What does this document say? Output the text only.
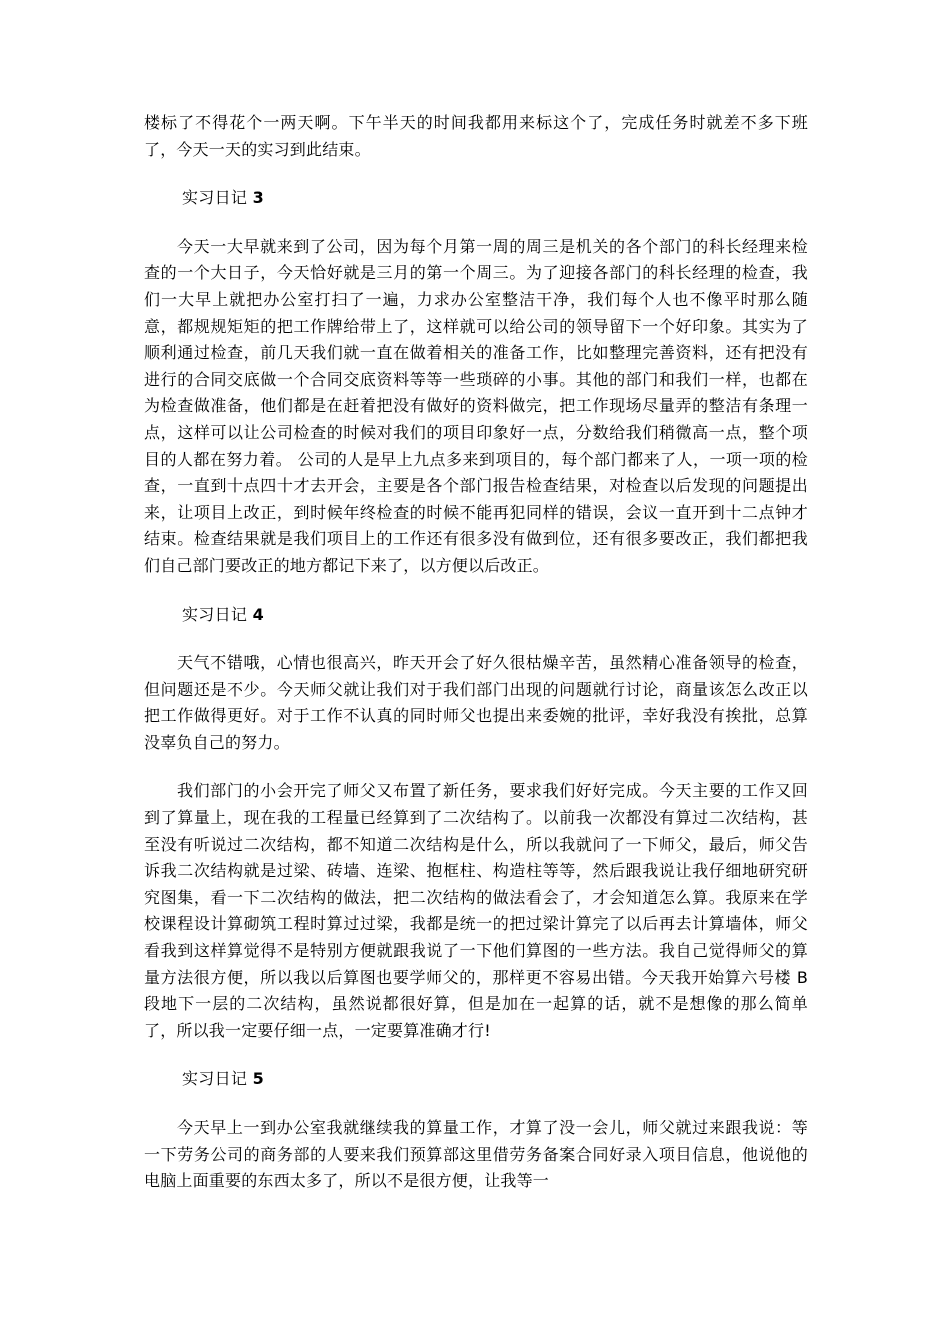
楼标了不得花个一两天啊。下午半天的时间我都用来标这个了，完成任务时就差不多下班了，今天一天的实习到此结束。

实习日记 3

今天一大早就来到了公司，因为每个月第一周的周三是机关的各个部门的科长经理来检查的一个大日子，今天恰好就是三月的第一个周三。为了迎接各部门的科长经理的检查，我们一大早上就把办公室打扫了一遍，力求办公室整洁干净，我们每个人也不像平时那么随意，都规规矩矩的把工作牌给带上了，这样就可以给公司的领导留下一个好印象。其实为了顺利通过检查，前几天我们就一直在做着相关的准备工作，比如整理完善资料，还有把没有进行的合同交底做一个合同交底资料等等一些琐碎的小事。其他的部门和我们一样，也都在为检查做准备，他们都是在赶着把没有做好的资料做完，把工作现场尽量弄的整洁有条理一点，这样可以让公司检查的时候对我们的项目印象好一点，分数给我们稍微高一点，整个项目的人都在努力着。 公司的人是早上九点多来到项目的，每个部门都来了人，一项一项的检查，一直到十点四十才去开会，主要是各个部门报告检查结果，对检查以后发现的问题提出来，让项目上改正，到时候年终检查的时候不能再犯同样的错误，会议一直开到十二点钟才结束。检查结果就是我们项目上的工作还有很多没有做到位，还有很多要改正，我们都把我们自己部门要改正的地方都记下来了，以方便以后改正。

实习日记 4

天气不错哦，心情也很高兴，昨天开会了好久很枯燥辛苦，虽然精心准备领导的检查，但问题还是不少。今天师父就让我们对于我们部门出现的问题就行讨论，商量该怎么改正以把工作做得更好。对于工作不认真的同时师父也提出来委婉的批评，幸好我没有挨批，总算没辜负自己的努力。

我们部门的小会开完了师父又布置了新任务，要求我们好好完成。今天主要的工作又回到了算量上，现在我的工程量已经算到了二次结构了。以前我一次都没有算过二次结构，甚至没有听说过二次结构，都不知道二次结构是什么，所以我就问了一下师父，最后，师父告诉我二次结构就是过梁、砖墙、连梁、抱框柱、构造柱等等，然后跟我说让我仔细地研究研究图集，看一下二次结构的做法，把二次结构的做法看会了，才会知道怎么算。我原来在学校课程设计算砌筑工程时算过过梁，我都是统一的把过梁计算完了以后再去计算墙体，师父看我到这样算觉得不是特别方便就跟我说了一下他们算图的一些方法。我自己觉得师父的算量方法很方便，所以我以后算图也要学师父的，那样更不容易出错。今天我开始算六号楼 B 段地下一层的二次结构，虽然说都很好算，但是加在一起算的话，就不是想像的那么简单了，所以我一定要仔细一点，一定要算准确才行!

实习日记 5

今天早上一到办公室我就继续我的算量工作，才算了没一会儿，师父就过来跟我说：等一下劳务公司的商务部的人要来我们预算部这里借劳务备案合同好录入项目信息，他说他的电脑上面重要的东西太多了，所以不是很方便，让我等一
